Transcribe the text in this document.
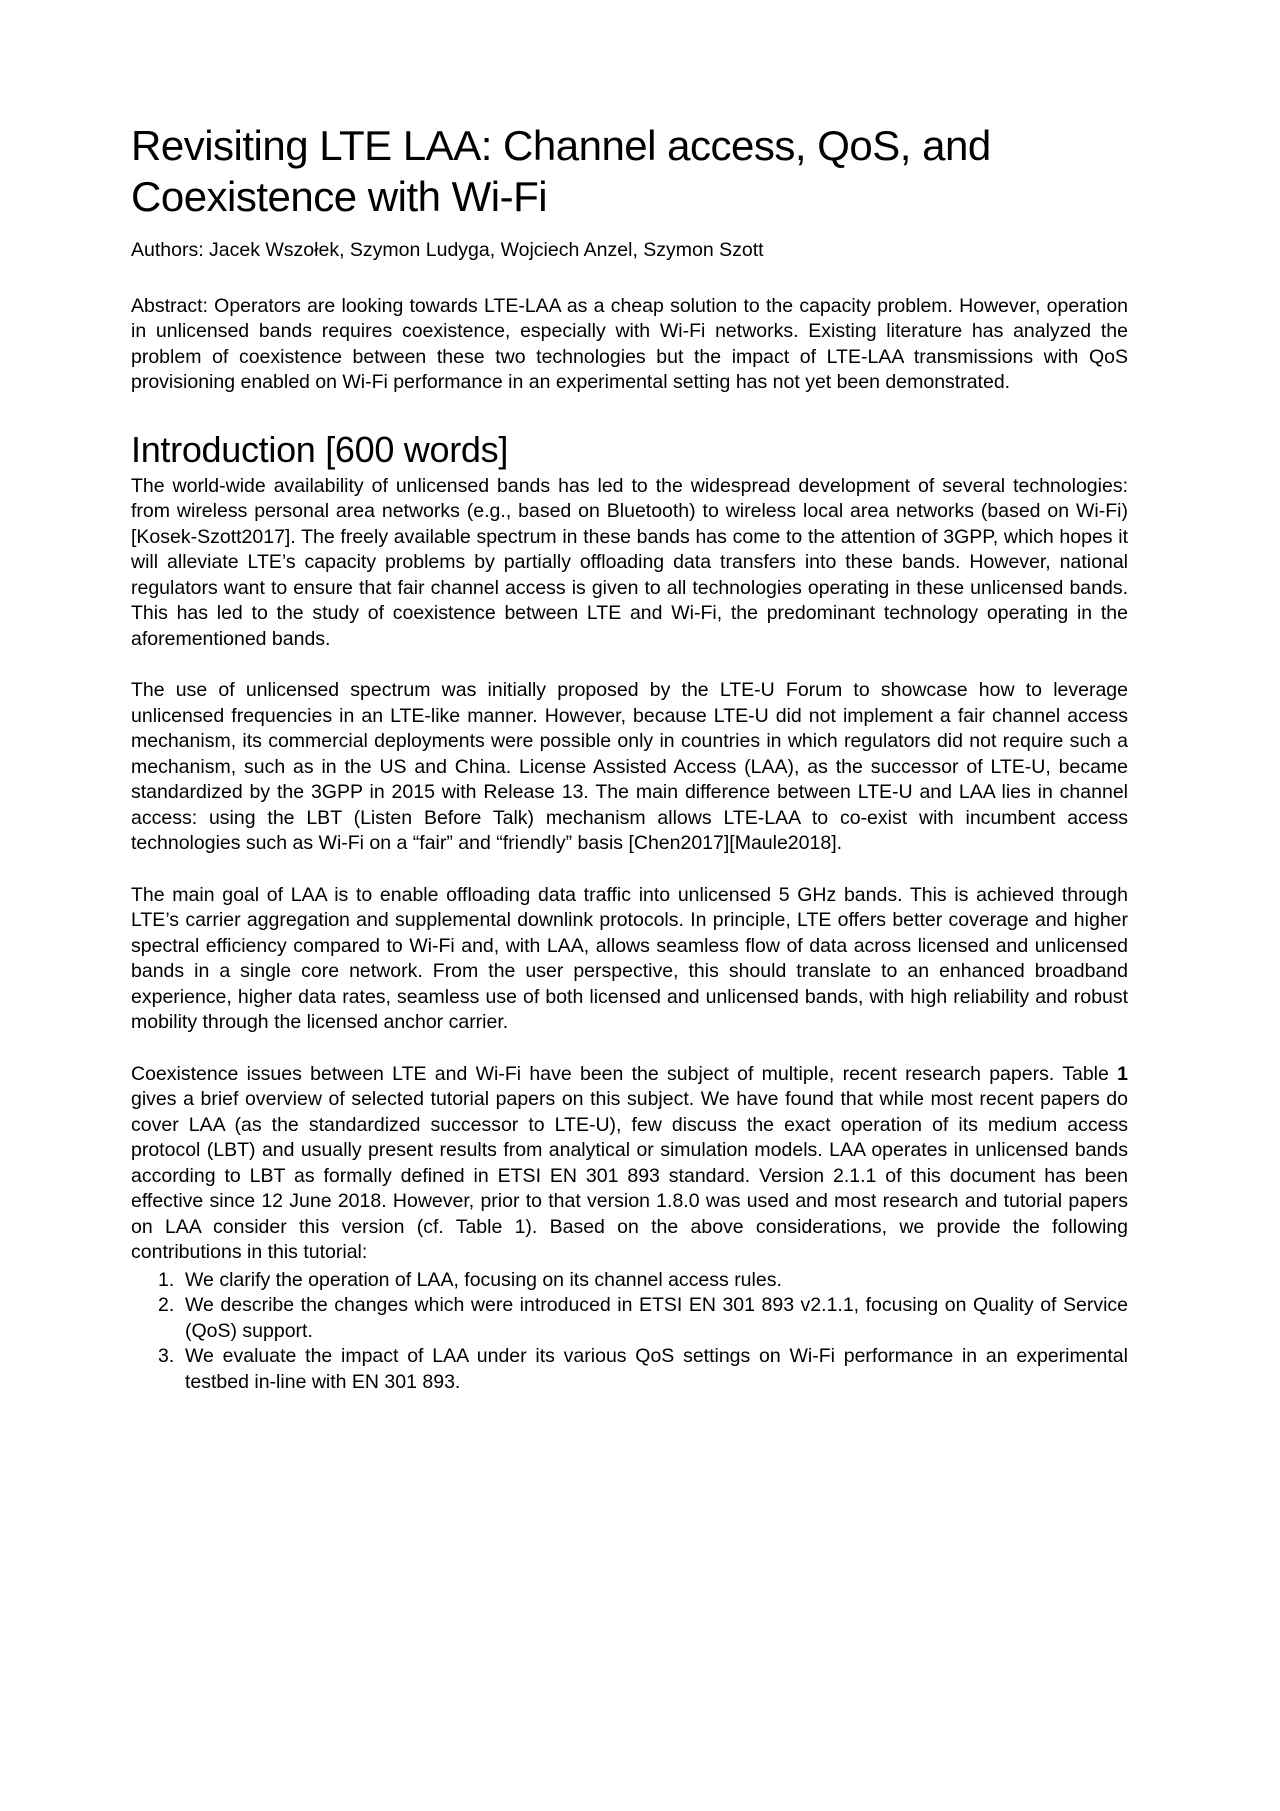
Revisiting LTE LAA: Channel access, QoS, and Coexistence with Wi-Fi

Authors: Jacek Wszołek, Szymon Ludyga, Wojciech Anzel, Szymon Szott

Abstract: Operators are looking towards LTE-LAA as a cheap solution to the capacity problem. However, operation in unlicensed bands requires coexistence, especially with Wi-Fi networks. Existing literature has analyzed the problem of coexistence between these two technologies but the impact of LTE-LAA transmissions with QoS provisioning enabled on Wi-Fi performance in an experimental setting has not yet been demonstrated.

Introduction [600 words]

The world-wide availability of unlicensed bands has led to the widespread development of several technologies: from wireless personal area networks (e.g., based on Bluetooth) to wireless local area networks (based on Wi-Fi) [Kosek-Szott2017]. The freely available spectrum in these bands has come to the attention of 3GPP, which hopes it will alleviate LTE’s capacity problems by partially offloading data transfers into these bands. However, national regulators want to ensure that fair channel access is given to all technologies operating in these unlicensed bands. This has led to the study of coexistence between LTE and Wi-Fi, the predominant technology operating in the aforementioned bands.

The use of unlicensed spectrum was initially proposed by the LTE-U Forum to showcase how to leverage unlicensed frequencies in an LTE-like manner. However, because LTE-U did not implement a fair channel access mechanism, its commercial deployments were possible only in countries in which regulators did not require such a mechanism, such as in the US and China. License Assisted Access (LAA), as the successor of LTE-U, became standardized by the 3GPP in 2015 with Release 13. The main difference between LTE-U and LAA lies in channel access: using the LBT (Listen Before Talk) mechanism allows LTE-LAA to co-exist with incumbent access technologies such as Wi-Fi on a “fair” and “friendly” basis [Chen2017][Maule2018].

The main goal of LAA is to enable offloading data traffic into unlicensed 5 GHz bands. This is achieved through LTE’s carrier aggregation and supplemental downlink protocols. In principle, LTE offers better coverage and higher spectral efficiency compared to Wi-Fi and, with LAA, allows seamless flow of data across licensed and unlicensed bands in a single core network. From the user perspective, this should translate to an enhanced broadband experience, higher data rates, seamless use of both licensed and unlicensed bands, with high reliability and robust mobility through the licensed anchor carrier.

Coexistence issues between LTE and Wi-Fi have been the subject of multiple, recent research papers. Table 1 gives a brief overview of selected tutorial papers on this subject. We have found that while most recent papers do cover LAA (as the standardized successor to LTE-U), few discuss the exact operation of its medium access protocol (LBT) and usually present results from analytical or simulation models. LAA operates in unlicensed bands according to LBT as formally defined in ETSI EN 301 893 standard. Version 2.1.1 of this document has been effective since 12 June 2018. However, prior to that version 1.8.0 was used and most research and tutorial papers on LAA consider this version (cf. Table 1). Based on the above considerations, we provide the following contributions in this tutorial:

1. We clarify the operation of LAA, focusing on its channel access rules.
2. We describe the changes which were introduced in ETSI EN 301 893 v2.1.1, focusing on Quality of Service (QoS) support.
3. We evaluate the impact of LAA under its various QoS settings on Wi-Fi performance in an experimental testbed in-line with EN 301 893.
